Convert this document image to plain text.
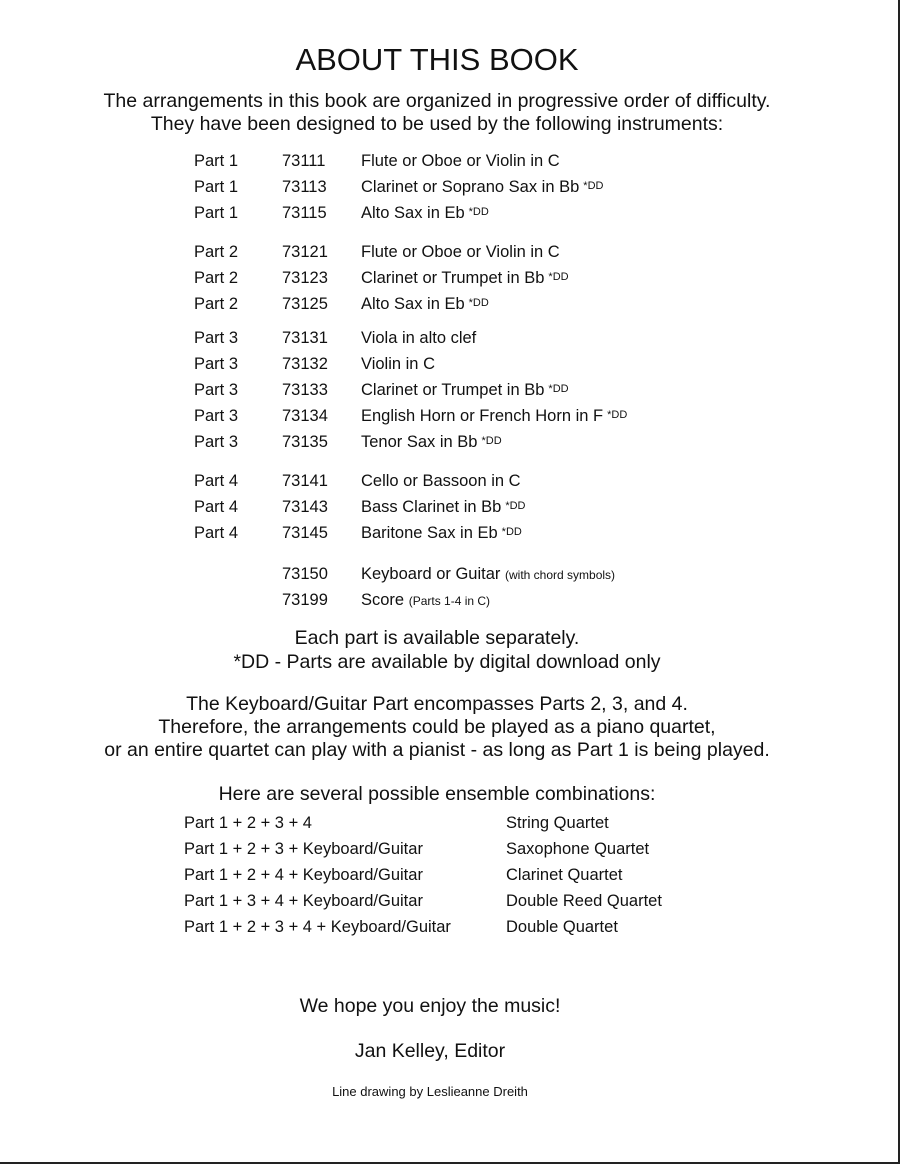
ABOUT THIS BOOK
The arrangements in this book are organized in progressive order of difficulty.
They have been designed to be used by the following instruments:
Part 1	73111 Flute or Oboe or Violin in C
Part 1	73113 Clarinet or Soprano Sax in Bb $^{*DD}$
Part 1	73115 Alto Sax in Eb $^{*DD}$
Part 2	73121 Flute or Oboe or Violin in C
Part 2	73123 Clarinet or Trumpet in Bb $^{*DD}$
Part 2	73125 Alto Sax in Eb $^{*DD}$
Part 3	73131 Viola in alto clef
Part 3	73132 Violin in C
Part 3	73133 Clarinet or Trumpet in Bb $^{*DD}$
Part 3	73134 English Horn or French Horn in F $^{*DD}$
Part 3	73135 Tenor Sax in Bb $^{*DD}$
Part 4	73141 Cello or Bassoon in C
Part 4	73143 Bass Clarinet in Bb $^{*DD}$
Part 4	73145 Baritone Sax in Eb $^{*DD}$
73150 Keyboard or Guitar (with chord symbols)
73199 Score (Parts 1-4 in C)
Each part is available separately.
*DD - Parts are available by digital download only
The Keyboard/Guitar Part encompasses Parts 2, 3, and 4.
Therefore, the arrangements could be played as a piano quartet,
or an entire quartet can play with a pianist - as long as Part 1 is being played.
Here are several possible ensemble combinations:
Part 1 + 2 + 3 + 4	String Quartet
Part 1 + 2 + 3 + Keyboard/Guitar	Saxophone Quartet
Part 1 + 2 + 4 + Keyboard/Guitar	Clarinet Quartet
Part 1 + 3 + 4 + Keyboard/Guitar	Double Reed Quartet
Part 1 + 2 + 3 + 4 + Keyboard/Guitar	Double Quartet
We hope you enjoy the music!
Jan Kelley, Editor
Line drawing by Leslieanne Dreith
